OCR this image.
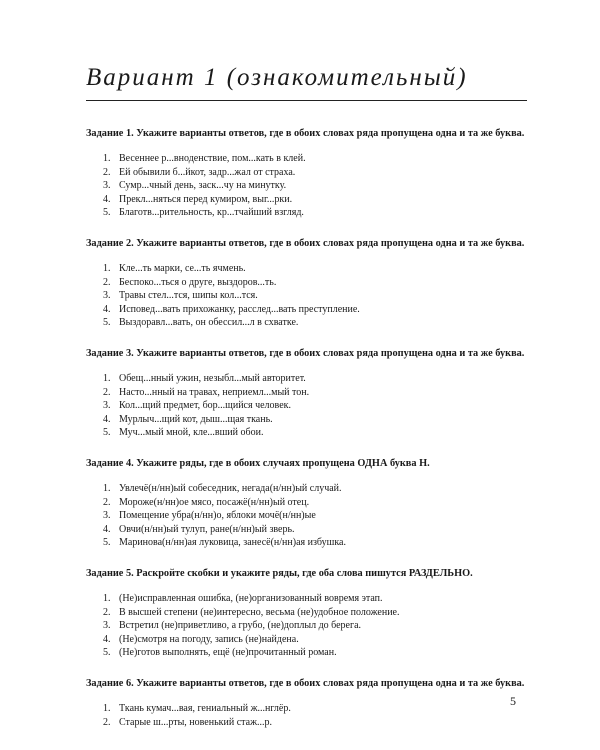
Вариант 1 (ознакомительный)
Задание 1. Укажите варианты ответов, где в обоих словах ряда пропущена одна и та же буква.
1. Весеннее р...вноденствие, пом...кать в клей.
2. Ей обывили б...йкот, задр...жал от страха.
3. Сумр...чный день, заск...чу на минутку.
4. Прекл...няться перед кумиром, выг...рки.
5. Благотв...рительность, кр...тчайший взгляд.
Задание 2. Укажите варианты ответов, где в обоих словах ряда пропущена одна и та же буква.
1. Кле...ть марки, се...ть ячмень.
2. Беспоко...ться о друге, выздоров...ть.
3. Травы стел...тся, шипы кол...тся.
4. Исповед...вать прихожанку, расслед...вать преступление.
5. Выздоравл...вать, он обессил...л в схватке.
Задание 3. Укажите варианты ответов, где в обоих словах ряда пропущена одна и та же буква.
1. Обещ...нный ужин, незыбл...мый авторитет.
2. Насто...нный на травах, неприемл...мый тон.
3. Кол...щий предмет, бор...щийся человек.
4. Мурлыч...щий кот, дыш...щая ткань.
5. Муч...мый мной, кле...вший обои.
Задание 4. Укажите ряды, где в обоих случаях пропущена ОДНА буква Н.
1. Увлечё(н/нн)ый собеседник, негада(н/нн)ый случай.
2. Мороже(н/нн)ое мясо, посажё(н/нн)ый отец.
3. Помещение убра(н/нн)о, яблоки мочё(н/нн)ые
4. Овчи(н/нн)ый тулуп, ране(н/нн)ый зверь.
5. Маринова(н/нн)ая луковица, занесё(н/нн)ая избушка.
Задание 5. Раскройте скобки и укажите ряды, где оба слова пишутся РАЗДЕЛЬНО.
1. (Не)исправленная ошибка, (не)организованный вовремя этап.
2. В высшей степени (не)интересно, весьма (не)удобное положение.
3. Встретил (не)приветливо, а грубо, (не)доплыл до берега.
4. (Не)смотря на погоду, запись (не)найдена.
5. (Не)готов выполнять, ещё (не)прочитанный роман.
Задание 6. Укажите варианты ответов, где в обоих словах ряда пропущена одна и та же буква.
1. Ткань кумач...вая, гениальный ж...нглёр.
2. Старые ш...рты, новенький стаж...р.
5
